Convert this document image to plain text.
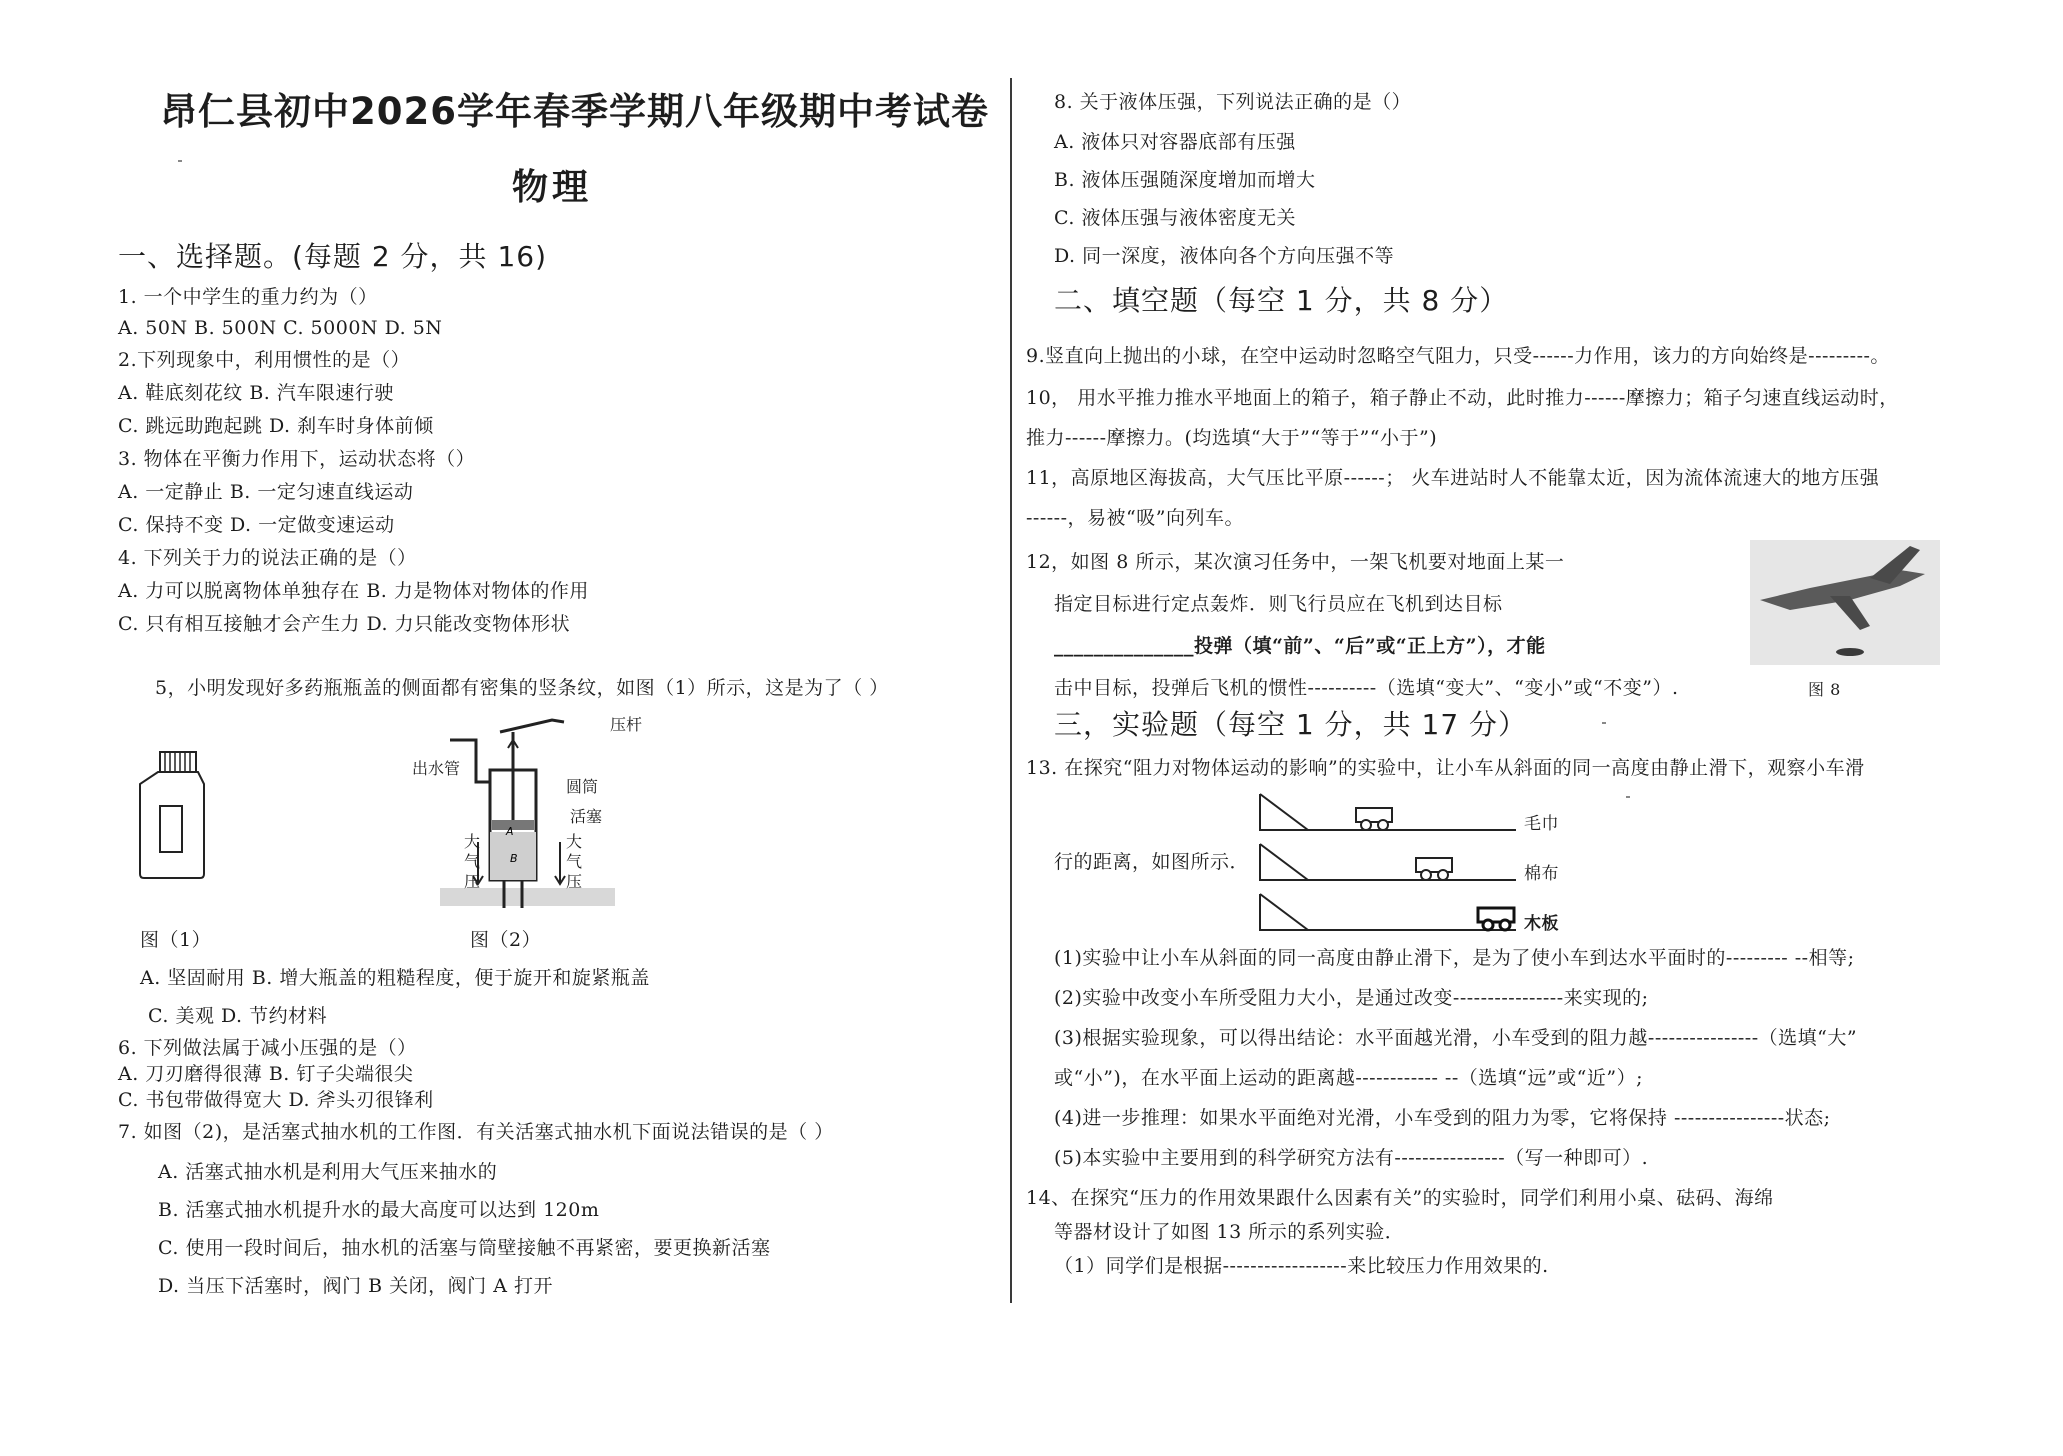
昂仁县初中2026学年春季学期八年级期中考试卷
物理
一、选择题。(每题 2 分，共 16)
1. 一个中学生的重力约为（）
A. 50N B. 500N C. 5000N D. 5N
2.下列现象中，利用惯性的是（）
A. 鞋底刻花纹 B. 汽车限速行驶
C. 跳远助跑起跳 D. 刹车时身体前倾
3. 物体在平衡力作用下，运动状态将（）
A. 一定静止 B. 一定匀速直线运动
C. 保持不变 D. 一定做变速运动
4. 下列关于力的说法正确的是（）
A. 力可以脱离物体单独存在 B. 力是物体对物体的作用
C. 只有相互接触才会产生力 D. 力只能改变物体形状
5，小明发现好多药瓶瓶盖的侧面都有密集的竖条纹，如图（1）所示，这是为了（ ）
图（1）
A
B
压杆
出水管
圆筒
活塞
大气压
大气压
图（2）
A. 坚固耐用 B. 增大瓶盖的粗糙程度，便于旋开和旋紧瓶盖
C. 美观 D. 节约材料
6. 下列做法属于减小压强的是（）
A. 刀刃磨得很薄 B. 钉子尖端很尖
C. 书包带做得宽大 D. 斧头刃很锋利
7. 如图（2)，是活塞式抽水机的工作图．有关活塞式抽水机下面说法错误的是（ ）
A. 活塞式抽水机是利用大气压来抽水的
B. 活塞式抽水机提升水的最大高度可以达到 120m
C. 使用一段时间后，抽水机的活塞与筒壁接触不再紧密，要更换新活塞
D. 当压下活塞时，阀门 B 关闭，阀门 A 打开
8. 关于液体压强，下列说法正确的是（）
A. 液体只对容器底部有压强
B. 液体压强随深度增加而增大
C. 液体压强与液体密度无关
D. 同一深度，液体向各个方向压强不等
二、填空题（每空 1 分，共 8 分）
9.竖直向上抛出的小球，在空中运动时忽略空气阻力，只受------力作用，该力的方向始终是---------。
10， 用水平推力推水平地面上的箱子，箱子静止不动，此时推力------摩擦力；箱子匀速直线运动时，
推力------摩擦力。(均选填“大于”“等于”“小于”)
11，高原地区海拔高，大气压比平原------； 火车进站时人不能靠太近，因为流体流速大的地方压强
------，易被“吸”向列车。
12，如图 8 所示，某次演习任务中，一架飞机要对地面上某一
指定目标进行定点轰炸．则飞行员应在飞机到达目标
______________投弹（填“前”、“后”或“正上方”），才能
击中目标，投弹后飞机的惯性----------（选填“变大”、“变小”或“不变”）.	图 8
三，实验题（每空 1 分，共 17 分）
13. 在探究“阻力对物体运动的影响”的实验中，让小车从斜面的同一高度由静止滑下，观察小车滑
行的距离，如图所示．
毛巾
棉布
木板
(1)实验中让小车从斜面的同一高度由静止滑下，是为了使小车到达水平面时的--------- --相等;
(2)实验中改变小车所受阻力大小，是通过改变----------------来实现的;
(3)根据实验现象，可以得出结论：水平面越光滑，小车受到的阻力越----------------（选填“大”
或“小”)，在水平面上运动的距离越------------ --（选填“远”或“近”）;
(4)进一步推理：如果水平面绝对光滑，小车受到的阻力为零，它将保持 ----------------状态;
(5)本实验中主要用到的科学研究方法有----------------（写一种即可）.
14、在探究“压力的作用效果跟什么因素有关”的实验时，同学们利用小桌、砝码、海绵
等器材设计了如图 13 所示的系列实验．
（1）同学们是根据------------------来比较压力作用效果的.
